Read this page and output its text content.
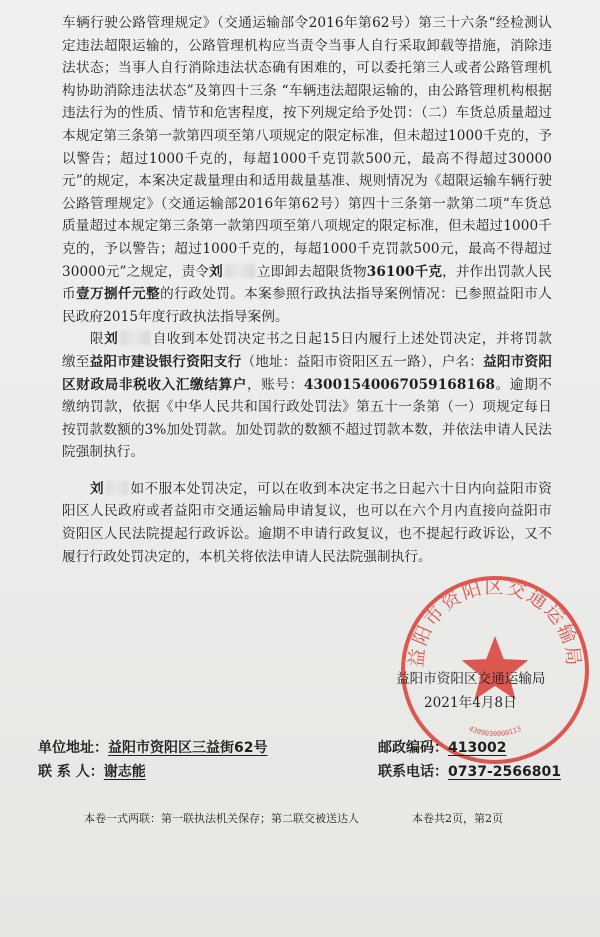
车辆行驶公路管理规定》（交通运输部令2016年第62号）第三十六条“经检测认定违法超限运输的，公路管理机构应当责令当事人自行采取卸载等措施，消除违法状态；当事人自行消除违法状态确有困难的，可以委托第三人或者公路管理机构协助消除违法状态”及第四十三条 “车辆违法超限运输的，由公路管理机构根据违法行为的性质、情节和危害程度，按下列规定给予处罚：（二）车货总质量超过本规定第三条第一款第四项至第八项规定的限定标准，但未超过1000千克的，予以警告；超过1000千克的，每超1000千克罚款500元，最高不得超过30000元”的规定，本案决定裁量理由和适用裁量基准、规则情况为《超限运输车辆行驶公路管理规定》（交通运输部2016年第62号）第四十三条第一款第二项“车货总质量超过本规定第三条第一款第四项至第八项规定的限定标准，但未超过1000千克的，予以警告；超过1000千克的，每超1000千克罚款500元，最高不得超过30000元”之规定，责令刘	立即卸去超限货物36100千克，并作出罚款人民币壹万捌仟元整的行政处罚。本案参照行政执法指导案例情况：已参照益阳市人民政府2015年度行政执法指导案例。

限刘	自收到本处罚决定书之日起15日内履行上述处罚决定，并将罚款缴至益阳市建设银行资阳支行（地址：益阳市资阳区五一路），户名：益阳市资阳区财政局非税收入汇缴结算户，账号：43001540067059168168。逾期不缴纳罚款，依据《中华人民共和国行政处罚法》第五十一条第（一）项规定每日按罚款数额的3%加处罚款。加处罚款的数额不超过罚款本数，并依法申请人民法院强制执行。

刘 如不服本处罚决定，可以在收到本决定书之日起六十日内向益阳市资阳区人民政府或者益阳市交通运输局申请复议，也可以在六个月内直接向益阳市资阳区人民法院提起行政诉讼。逾期不申请行政复议，也不提起行政诉讼，又不履行行政处罚决定的，本机关将依法申请人民法院强制执行。

益阳市资阳区交通运输局
4309030000113
益阳市资阳区交通运输局
2021年4月8日
单位地址：益阳市资阳区三益街62号	邮政编码：413002
联 系 人：谢志能	联系电话：0737-2566801
本卷一式两联：第一联执法机关保存；第二联交被送达人	本卷共2页，第2页
